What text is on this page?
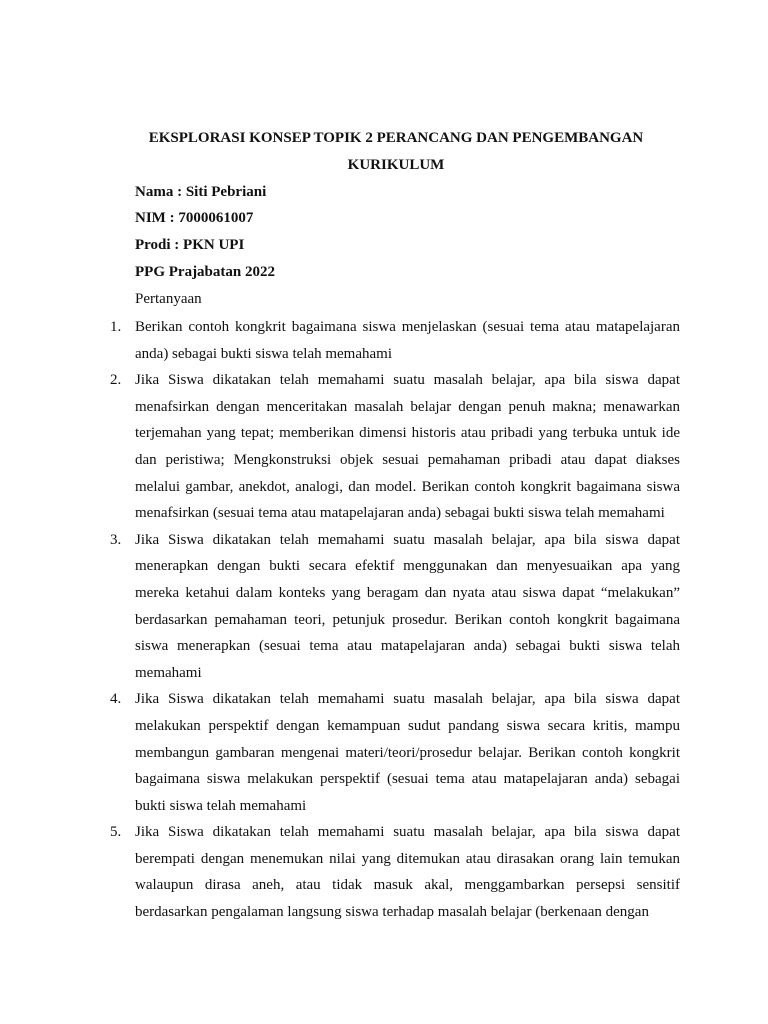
EKSPLORASI KONSEP TOPIK 2 PERANCANG DAN PENGEMBANGAN
KURIKULUM
Nama : Siti Pebriani
NIM : 7000061007
Prodi : PKN UPI
PPG Prajabatan 2022
Pertanyaan
1. Berikan contoh kongkrit bagaimana siswa menjelaskan (sesuai tema atau matapelajaran anda) sebagai bukti siswa telah memahami
2. Jika Siswa dikatakan telah memahami suatu masalah belajar, apa bila siswa dapat menafsirkan dengan menceritakan masalah belajar dengan penuh makna; menawarkan terjemahan yang tepat; memberikan dimensi historis atau pribadi yang terbuka untuk ide dan peristiwa; Mengkonstruksi objek sesuai pemahaman pribadi atau dapat diakses melalui gambar, anekdot, analogi, dan model. Berikan contoh kongkrit bagaimana siswa menafsirkan (sesuai tema atau matapelajaran anda) sebagai bukti siswa telah memahami
3. Jika Siswa dikatakan telah memahami suatu masalah belajar, apa bila siswa dapat menerapkan dengan bukti secara efektif menggunakan dan menyesuaikan apa yang mereka ketahui dalam konteks yang beragam dan nyata atau siswa dapat “melakukan” berdasarkan pemahaman teori, petunjuk prosedur. Berikan contoh kongkrit bagaimana siswa menerapkan (sesuai tema atau matapelajaran anda) sebagai bukti siswa telah memahami
4. Jika Siswa dikatakan telah memahami suatu masalah belajar, apa bila siswa dapat melakukan perspektif dengan kemampuan sudut pandang siswa secara kritis, mampu membangun gambaran mengenai materi/teori/prosedur belajar. Berikan contoh kongkrit bagaimana siswa melakukan perspektif (sesuai tema atau matapelajaran anda) sebagai bukti siswa telah memahami
5. Jika Siswa dikatakan telah memahami suatu masalah belajar, apa bila siswa dapat berempati dengan menemukan nilai yang ditemukan atau dirasakan orang lain temukan walaupun dirasa aneh, atau tidak masuk akal, menggambarkan persepsi sensitif berdasarkan pengalaman langsung siswa terhadap masalah belajar (berkenaan dengan
